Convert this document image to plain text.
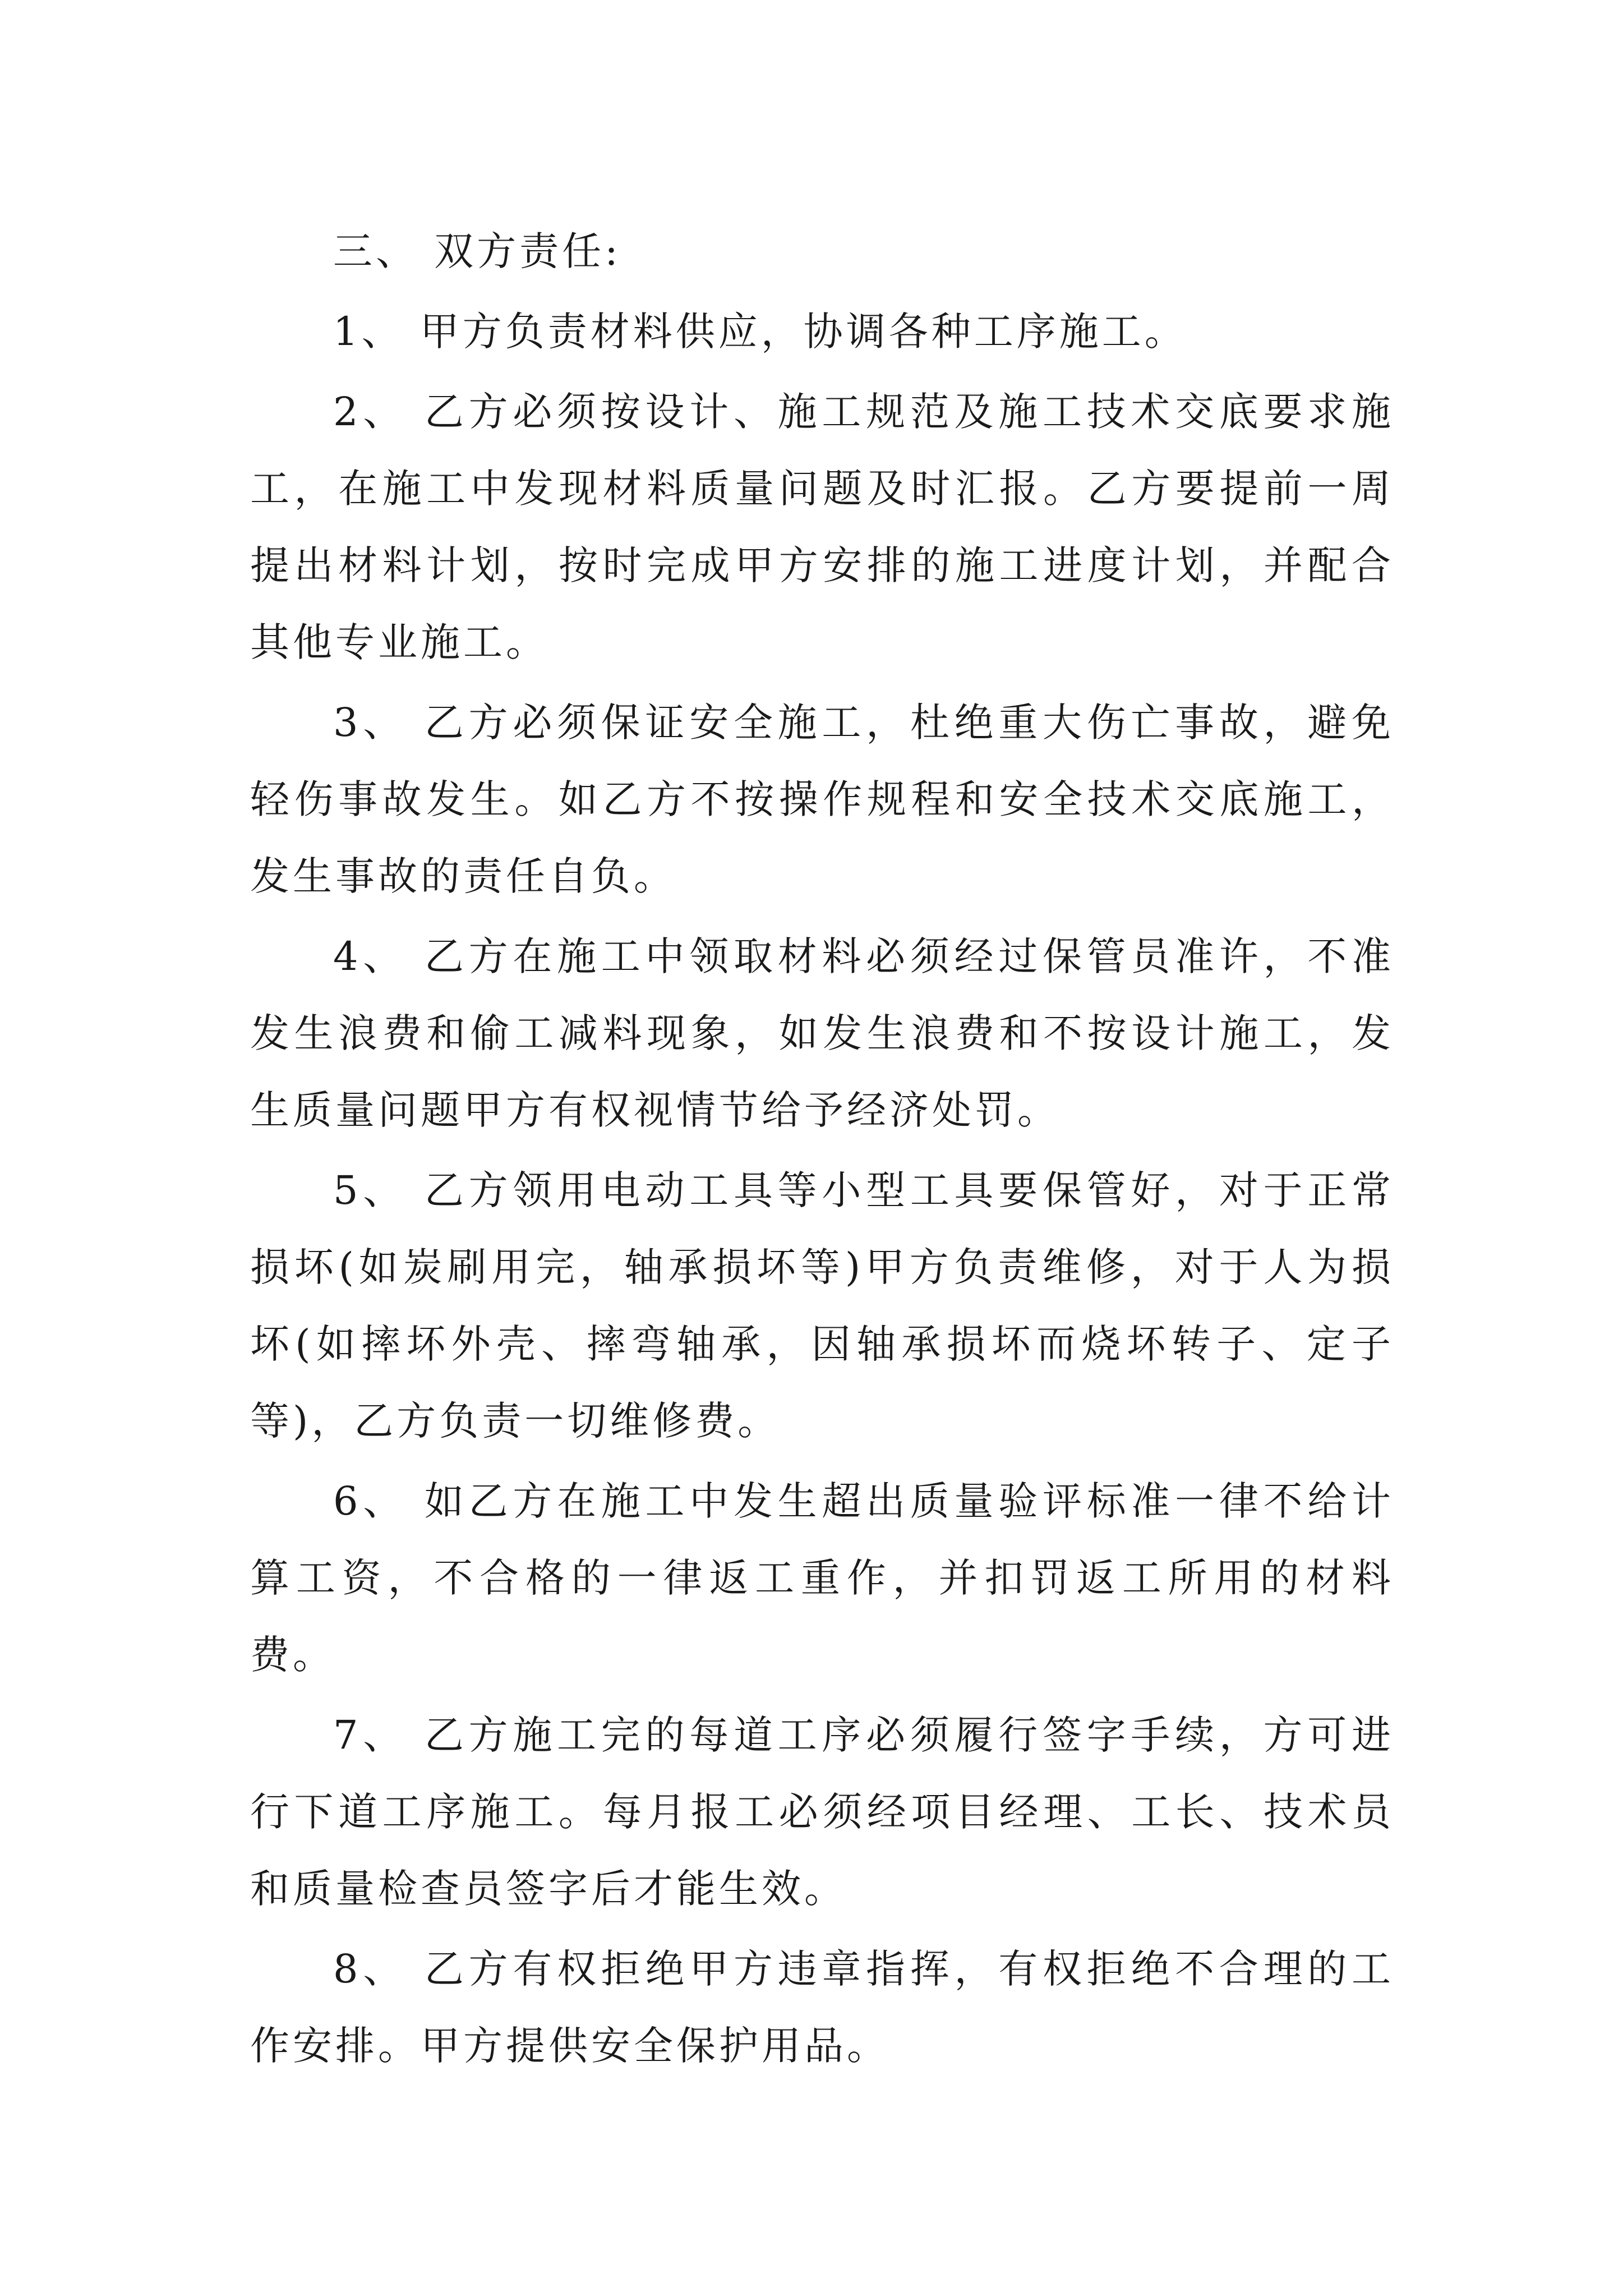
三、 双方责任:

1、 甲方负责材料供应，协调各种工序施工。

2、 乙方必须按设计、施工规范及施工技术交底要求施工，在施工中发现材料质量问题及时汇报。乙方要提前一周提出材料计划，按时完成甲方安排的施工进度计划，并配合其他专业施工。

3、 乙方必须保证安全施工，杜绝重大伤亡事故，避免轻伤事故发生。如乙方不按操作规程和安全技术交底施工，发生事故的责任自负。

4、 乙方在施工中领取材料必须经过保管员准许，不准发生浪费和偷工减料现象，如发生浪费和不按设计施工，发生质量问题甲方有权视情节给予经济处罚。

5、 乙方领用电动工具等小型工具要保管好，对于正常损坏(如炭刷用完，轴承损坏等)甲方负责维修，对于人为损坏(如摔坏外壳、摔弯轴承，因轴承损坏而烧坏转子、定子等)，乙方负责一切维修费。

6、 如乙方在施工中发生超出质量验评标准一律不给计算工资，不合格的一律返工重作，并扣罚返工所用的材料费。

7、 乙方施工完的每道工序必须履行签字手续，方可进行下道工序施工。每月报工必须经项目经理、工长、技术员和质量检查员签字后才能生效。

8、 乙方有权拒绝甲方违章指挥，有权拒绝不合理的工作安排。甲方提供安全保护用品。
